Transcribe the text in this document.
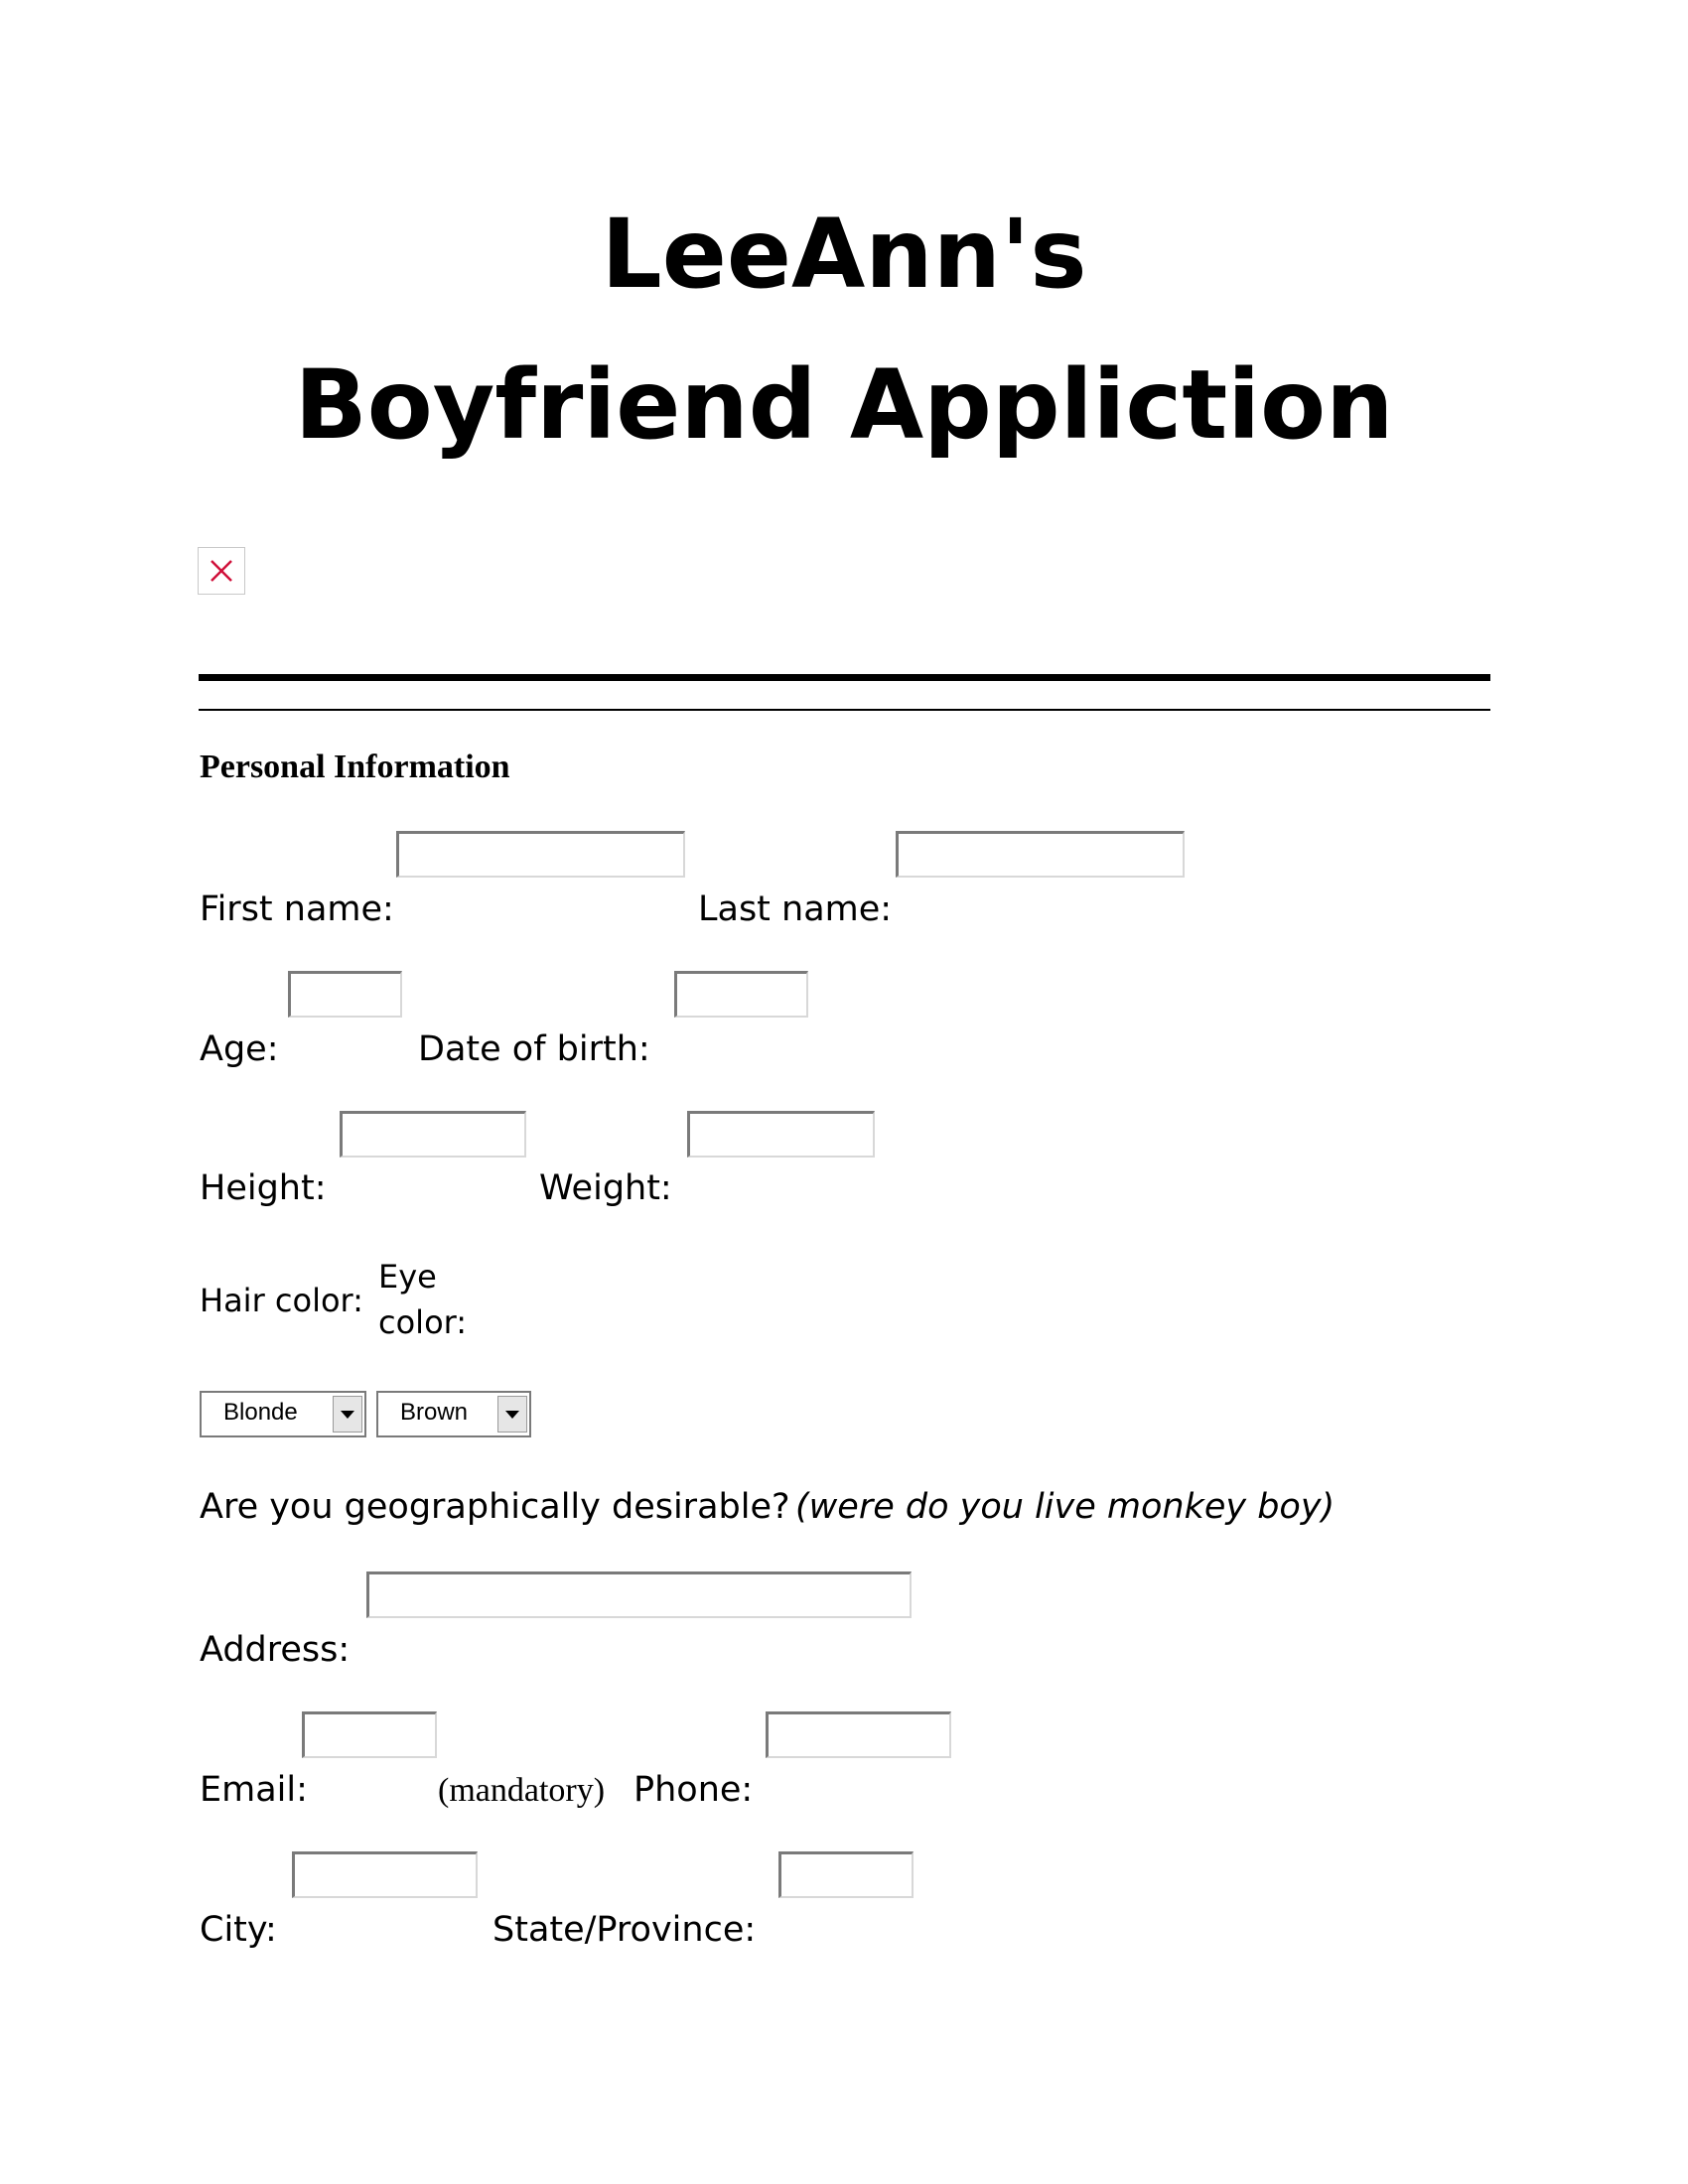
LeeAnn's
Boyfriend Appliction
Personal Information
First name:	Last name:
Age:	Date of birth:
Height:	Weight:
Hair color:
Eye
color:
Blonde	Brown
Are you geographically desirable? (were do you live monkey boy)
Address:
Email:	(mandatory) Phone:
City:	State/Province:
